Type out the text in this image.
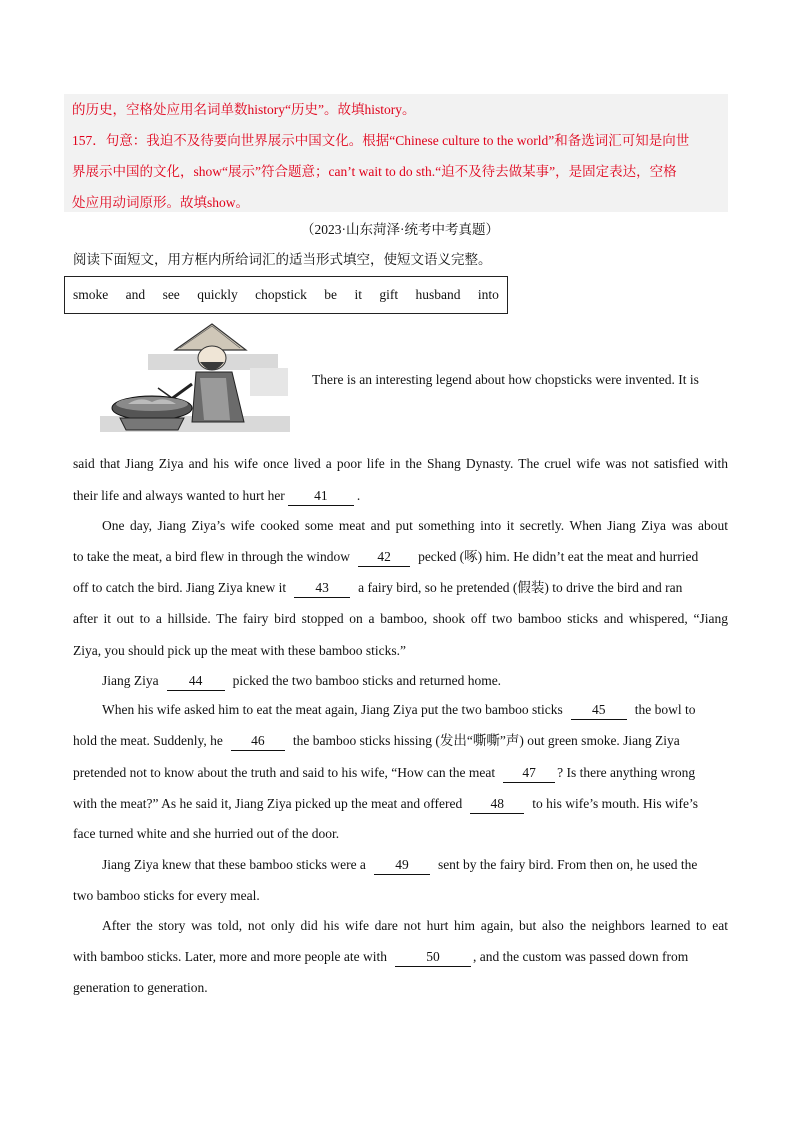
的历史，空格处应用名词单数history“历史”。故填history。

157．句意：我迫不及待要向世界展示中国文化。根据“Chinese culture to the world”和备选词汇可知是向世

界展示中国的文化，show“展示”符合题意；can’t wait to do sth.“迫不及待去做某事”，是固定表达，空格

处应用动词原形。故填show。

（2023·山东菏泽·统考中考真题）
阅读下面短文，用方框内所给词汇的适当形式填空，使短文语义完整。
smoke and see quickly chopstick be it gift husband into
There is an interesting legend about how chopsticks were invented. It is
said that Jiang Ziya and his wife once lived a poor life in the Shang Dynasty. The cruel wife was not satisfied with
their life and always wanted to hurt her 41 .
One day, Jiang Ziya’s wife cooked some meat and put something into it secretly. When Jiang Ziya was about
to take the meat, a bird flew in through the window 42 pecked (啄) him. He didn’t eat the meat and hurried
off to catch the bird. Jiang Ziya knew it 43 a fairy bird, so he pretended (假装) to drive the bird and ran
after it out to a hillside. The fairy bird stopped on a bamboo, shook off two bamboo sticks and whispered, “Jiang
Ziya, you should pick up the meat with these bamboo sticks.”
Jiang Ziya 44 picked the two bamboo sticks and returned home.
When his wife asked him to eat the meat again, Jiang Ziya put the two bamboo sticks 45 the bowl to
hold the meat. Suddenly, he 46 the bamboo sticks hissing (发出“嘶嘶”声) out green smoke. Jiang Ziya
pretended not to know about the truth and said to his wife, “How can the meat 47 ? Is there anything wrong
with the meat?” As he said it, Jiang Ziya picked up the meat and offered 48 to his wife’s mouth. His wife’s
face turned white and she hurried out of the door.
Jiang Ziya knew that these bamboo sticks were a 49 sent by the fairy bird. From then on, he used the
two bamboo sticks for every meal.
After the story was told, not only did his wife dare not hurt him again, but also the neighbors learned to eat
with bamboo sticks. Later, more and more people ate with	50 , and the custom was passed down from
generation to generation.
